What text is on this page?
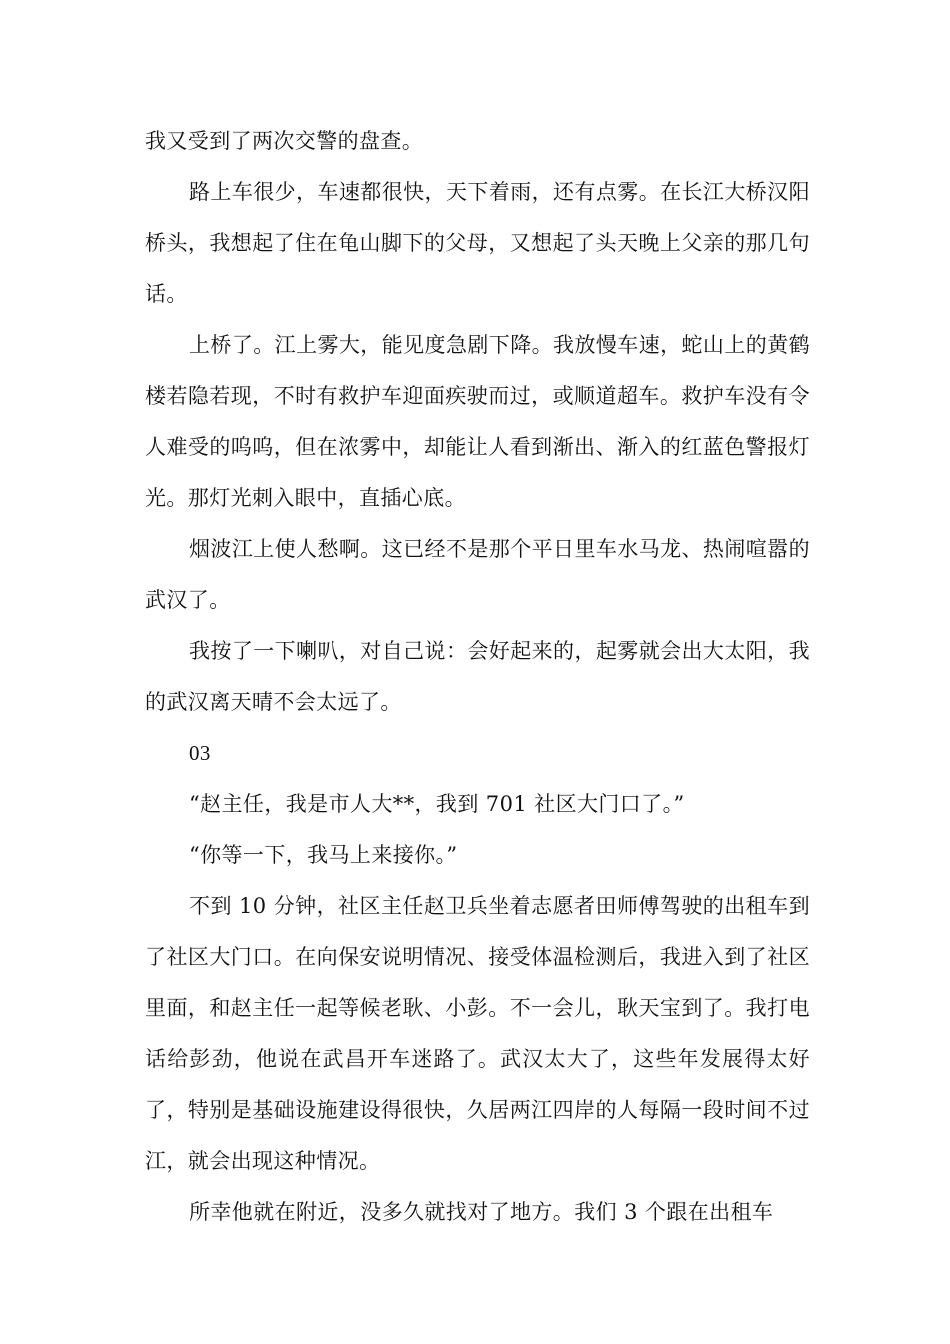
我又受到了两次交警的盘查。

路上车很少，车速都很快，天下着雨，还有点雾。在长江大桥汉阳桥头，我想起了住在龟山脚下的父母，又想起了头天晚上父亲的那几句话。

上桥了。江上雾大，能见度急剧下降。我放慢车速，蛇山上的黄鹤楼若隐若现，不时有救护车迎面疾驶而过，或顺道超车。救护车没有令人难受的呜呜，但在浓雾中，却能让人看到渐出、渐入的红蓝色警报灯光。那灯光刺入眼中，直插心底。

烟波江上使人愁啊。这已经不是那个平日里车水马龙、热闹喧嚣的武汉了。

我按了一下喇叭，对自己说：会好起来的，起雾就会出大太阳，我的武汉离天晴不会太远了。

03

“赵主任，我是市人大**，我到 701 社区大门口了。”

“你等一下，我马上来接你。”

不到 10 分钟，社区主任赵卫兵坐着志愿者田师傅驾驶的出租车到了社区大门口。在向保安说明情况、接受体温检测后，我进入到了社区里面，和赵主任一起等候老耿、小彭。不一会儿，耿天宝到了。我打电话给彭劲，他说在武昌开车迷路了。武汉太大了，这些年发展得太好了，特别是基础设施建设得很快，久居两江四岸的人每隔一段时间不过江，就会出现这种情况。

所幸他就在附近，没多久就找对了地方。我们 3 个跟在出租车
